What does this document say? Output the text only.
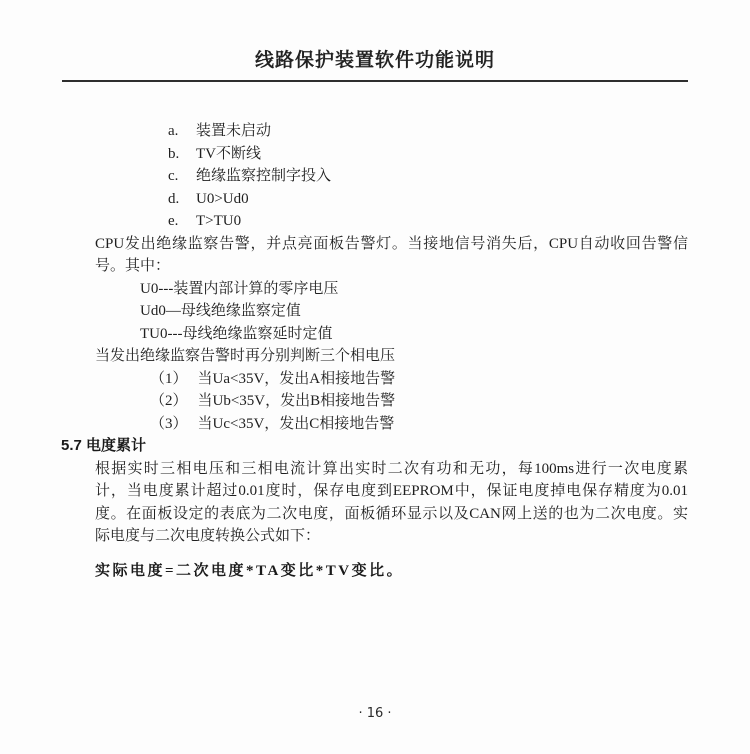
线路保护装置软件功能说明
a.	装置未启动
b.	TV不断线
c.	绝缘监察控制字投入
d.	U0>Ud0
e.	T>TU0
CPU发出绝缘监察告警，并点亮面板告警灯。当接地信号消失后，CPU自动收回告警信
号。其中：
U0---装置内部计算的零序电压
Ud0—母线绝缘监察定值
TU0---母线绝缘监察延时定值
当发出绝缘监察告警时再分别判断三个相电压
（1） 当Ua<35V，发出A相接地告警
（2） 当Ub<35V，发出B相接地告警
（3） 当Uc<35V，发出C相接地告警
5.7 电度累计
根据实时三相电压和三相电流计算出实时二次有功和无功，每100ms进行一次电度累
计，当电度累计超过0.01度时，保存电度到EEPROM中，保证电度掉电保存精度为0.01
度。在面板设定的表底为二次电度，面板循环显示以及CAN网上送的也为二次电度。实
际电度与二次电度转换公式如下：
实际电度=二次电度*TA变比*TV变比。
· 16 ·
